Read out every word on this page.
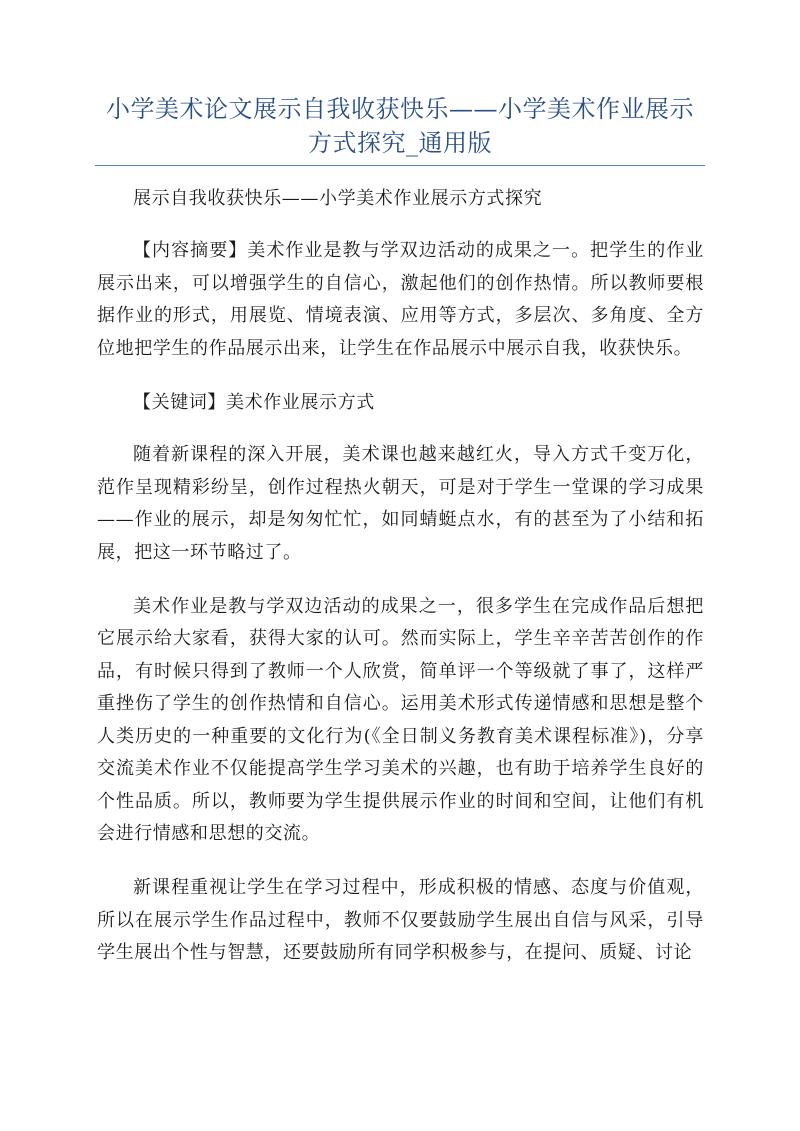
小学美术论文展示自我收获快乐——小学美术作业展示
方式探究_通用版

展示自我收获快乐——小学美术作业展示方式探究

【内容摘要】美术作业是教与学双边活动的成果之一。把学生的作业展示出来，可以增强学生的自信心，激起他们的创作热情。所以教师要根据作业的形式，用展览、情境表演、应用等方式，多层次、多角度、全方位地把学生的作品展示出来，让学生在作品展示中展示自我，收获快乐。

【关键词】美术作业展示方式

随着新课程的深入开展，美术课也越来越红火，导入方式千变万化，范作呈现精彩纷呈，创作过程热火朝天，可是对于学生一堂课的学习成果——作业的展示，却是匆匆忙忙，如同蜻蜓点水，有的甚至为了小结和拓展，把这一环节略过了。

美术作业是教与学双边活动的成果之一，很多学生在完成作品后想把它展示给大家看，获得大家的认可。然而实际上，学生辛辛苦苦创作的作品，有时候只得到了教师一个人欣赏，简单评一个等级就了事了，这样严重挫伤了学生的创作热情和自信心。运用美术形式传递情感和思想是整个人类历史的一种重要的文化行为(《全日制义务教育美术课程标准》)，分享交流美术作业不仅能提高学生学习美术的兴趣，也有助于培养学生良好的个性品质。所以，教师要为学生提供展示作业的时间和空间，让他们有机会进行情感和思想的交流。

新课程重视让学生在学习过程中，形成积极的情感、态度与价值观，所以在展示学生作品过程中，教师不仅要鼓励学生展出自信与风采，引导学生展出个性与智慧，还要鼓励所有同学积极参与，在提问、质疑、讨论
